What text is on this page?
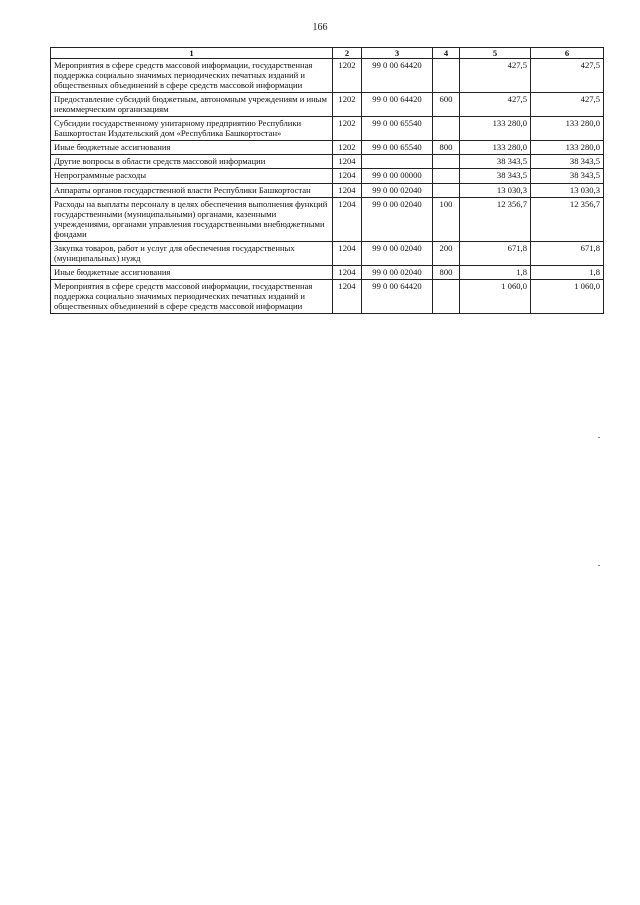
166
1	2	3	4	5	6
Мероприятия в сфере средств массовой информации, государственная поддержка социально значимых периодических печатных изданий и общественных объединений в сфере средств массовой информации	1202	99 0 00 64420		427,5	427,5
Предоставление субсидий бюджетным, автономным учреждениям и иным некоммерческим организациям	1202	99 0 00 64420	600	427,5	427,5
Субсидии государственному унитарному предприятию Республики Башкортостан Издательский дом «Республика Башкортостан»	1202	99 0 00 65540		133 280,0	133 280,0
Иные бюджетные ассигнования	1202	99 0 00 65540	800	133 280,0	133 280,0
Другие вопросы в области средств массовой информации	1204			38 343,5	38 343,5
Непрограммные расходы	1204	99 0 00 00000		38 343,5	38 343,5
Аппараты органов государственной власти Республики Башкортостан	1204	99 0 00 02040		13 030,3	13 030,3
Расходы на выплаты персоналу в целях обеспечения выполнения функций государственными (муниципальными) органами, казенными учреждениями, органами управления государственными внебюджетными фондами	1204	99 0 00 02040	100	12 356,7	12 356,7
Закупка товаров, работ и услуг для обеспечения государственных (муниципальных) нужд	1204	99 0 00 02040	200	671,8	671,8
Иные бюджетные ассигнования	1204	99 0 00 02040	800	1,8	1,8
Мероприятия в сфере средств массовой информации, государственная поддержка социально значимых периодических печатных изданий и общественных объединений в сфере средств массовой информации	1204	99 0 00 64420		1 060,0	1 060,0
